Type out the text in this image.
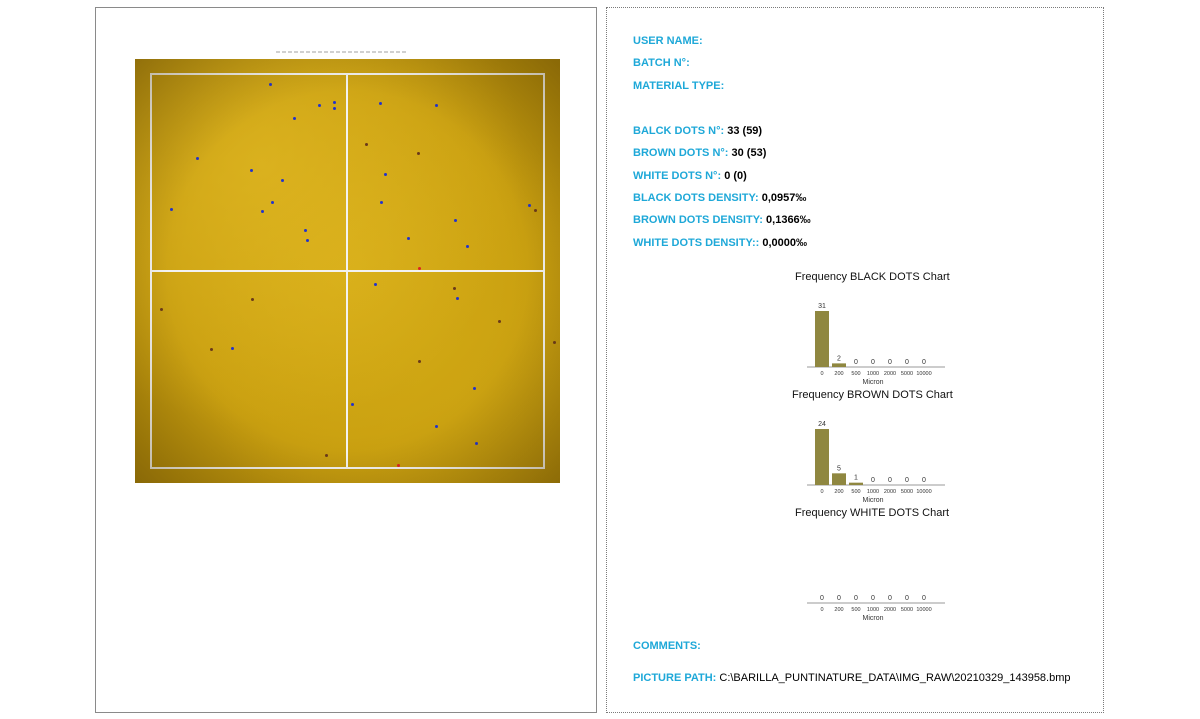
USER NAME:
BATCH N°:
MATERIAL TYPE:
BALCK DOTS N°: 33 (59)
BROWN DOTS N°: 30 (53)
WHITE DOTS N°: 0 (0)
BLACK DOTS DENSITY: 0,0957‰
BROWN DOTS DENSITY: 0,1366‰
WHITE DOTS DENSITY:: 0,0000‰
Frequency BLACK DOTS Chart
31
0
2
200
0
500
0
1000
0
2000
0
5000
0
10000
Micron
Frequency BROWN DOTS Chart
24
0
5
200
1
500
0
1000
0
2000
0
5000
0
10000
Micron
Frequency WHITE DOTS Chart
0
0
0
200
0
500
0
1000
0
2000
0
5000
0
10000
Micron
COMMENTS:
PICTURE PATH: C:\BARILLA_PUNTINATURE_DATA\IMG_RAW\20210329_143958.bmp
